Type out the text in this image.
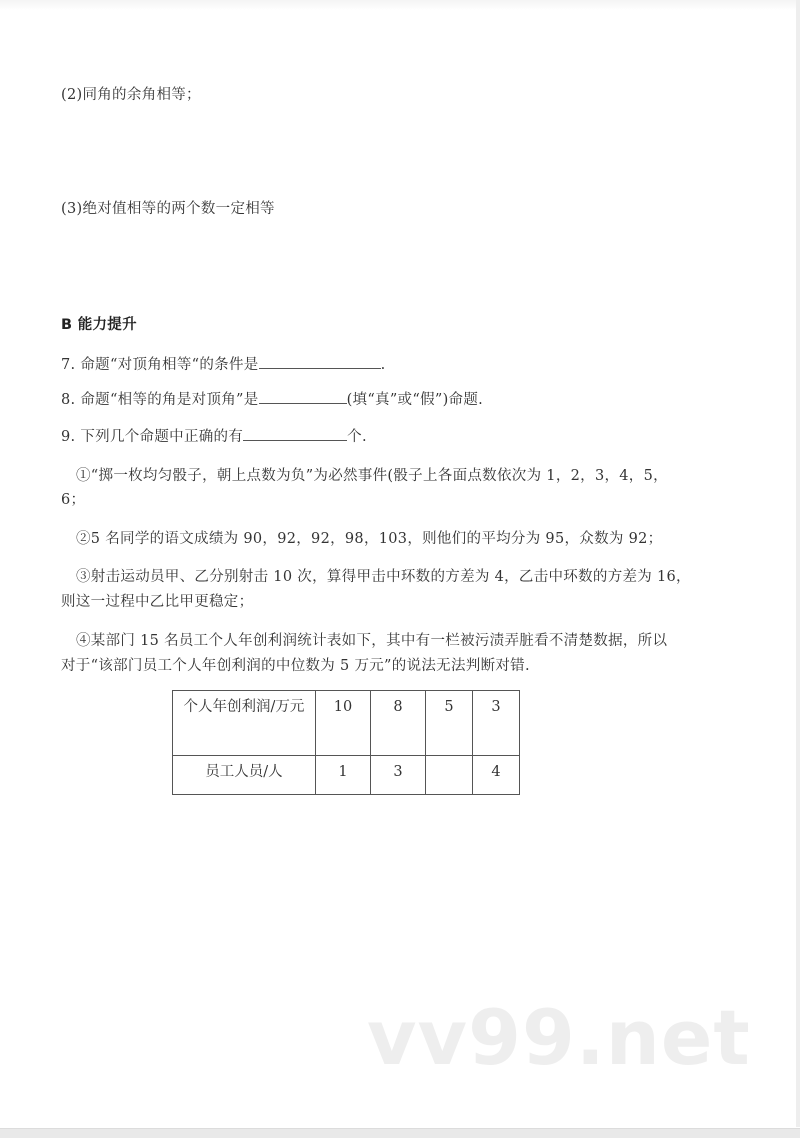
(2)同角的余角相等；
(3)绝对值相等的两个数一定相等
B 能力提升
7. 命题“对顶角相等“的条件是	.
8. 命题“相等的角是对顶角”是	(填“真”或“假”)命题.
9. 下列几个命题中正确的有	个.
①“掷一枚均匀骰子，朝上点数为负”为必然事件(骰子上各面点数依次为 1，2，3，4，5，
6；
②5 名同学的语文成绩为 90，92，92，98，103，则他们的平均分为 95，众数为 92；
③射击运动员甲、乙分别射击 10 次，算得甲击中环数的方差为 4，乙击中环数的方差为 16，
则这一过程中乙比甲更稳定；
④某部门 15 名员工个人年创利润统计表如下，其中有一栏被污渍弄脏看不清楚数据，所以
对于“该部门员工个人年创利润的中位数为 5 万元”的说法无法判断对错.
个人年创利润/万元	10	8	5	3
员工人员/人	1	3		4
vv99.net
